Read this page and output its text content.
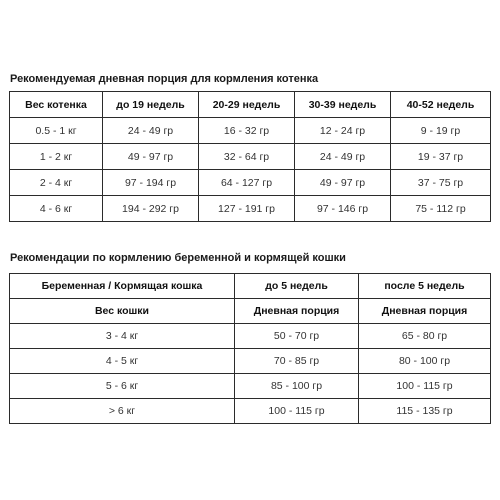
Рекомендуемая дневная порция для кормления котенка
Вес котенка	до 19 недель	20-29 недель	30-39 недель	40-52 недель
0.5 - 1 кг	24 - 49 гр	16 - 32 гр	12 - 24 гр	9 - 19 гр
1 - 2 кг	49 - 97 гр	32 - 64 гр	24 - 49 гр	19 - 37 гр
2 - 4 кг	97 - 194 гр	64 - 127 гр	49 - 97 гр	37 - 75 гр
4 - 6 кг	194 - 292 гр	127 - 191 гр	97 - 146 гр	75 - 112 гр
Рекомендации по кормлению беременной и кормящей кошки
Беременная / Кормящая кошка	до 5 недель	после 5 недель
Вес кошки	Дневная порция	Дневная порция
3 - 4 кг	50 - 70 гр	65 - 80 гр
4 - 5 кг	70 - 85 гр	80 - 100 гр
5 - 6 кг	85 - 100 гр	100 - 115 гр
> 6 кг	100 - 115 гр	115 - 135 гр
